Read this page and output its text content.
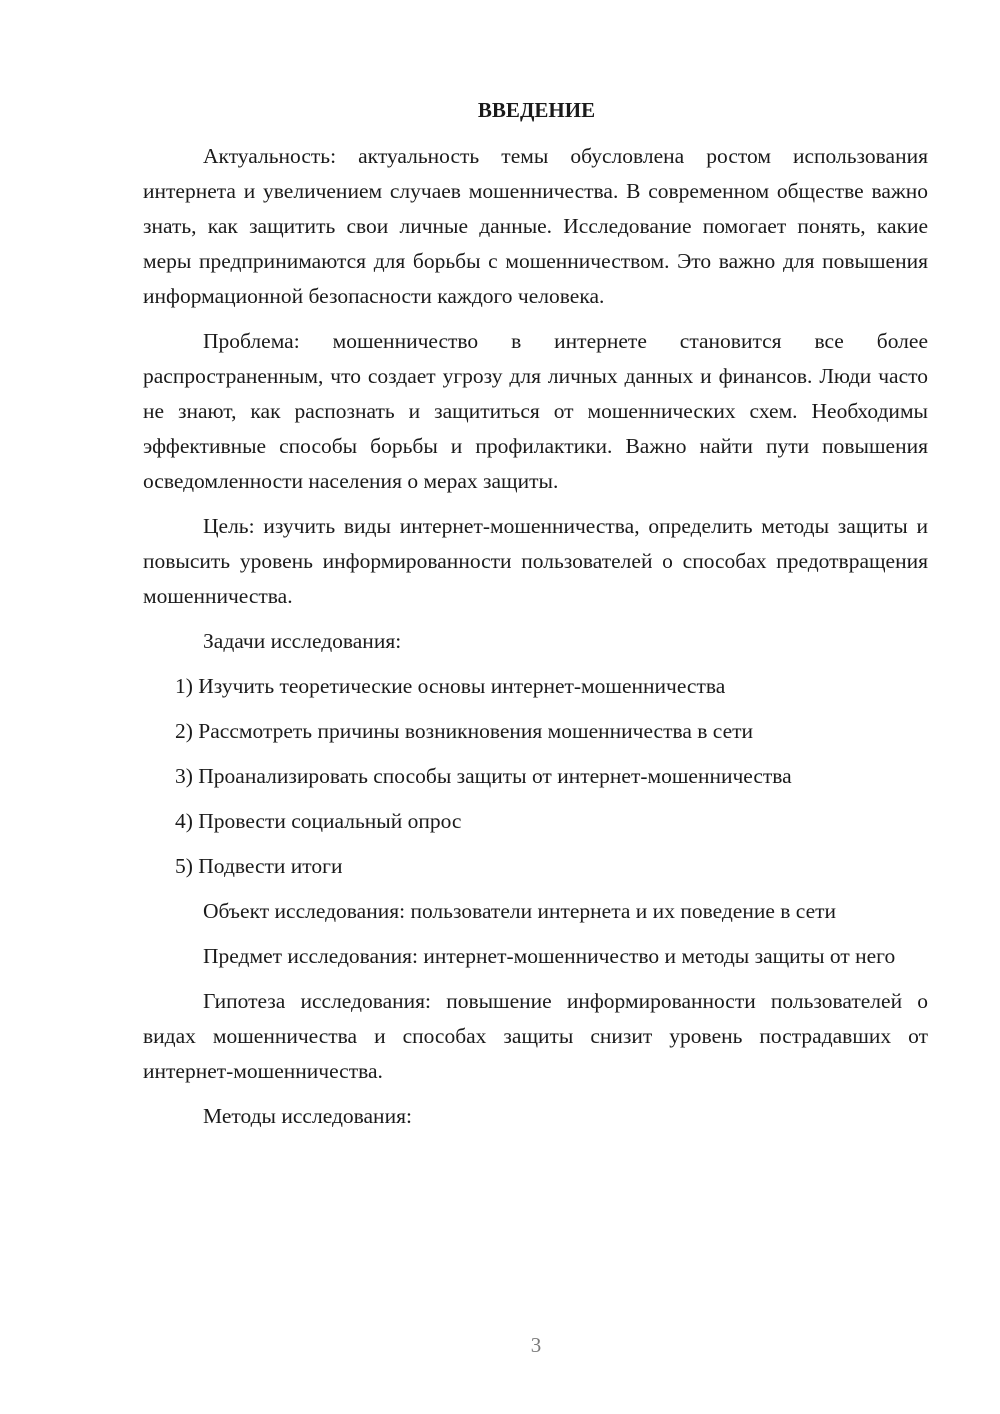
ВВЕДЕНИЕ

Актуальность: актуальность темы обусловлена ростом использования интернета и увеличением случаев мошенничества. В современном обществе важно знать, как защитить свои личные данные. Исследование помогает понять, какие меры предпринимаются для борьбы с мошенничеством. Это важно для повышения информационной безопасности каждого человека.

Проблема: мошенничество в интернете становится все более распространенным, что создает угрозу для личных данных и финансов. Люди часто не знают, как распознать и защититься от мошеннических схем. Необходимы эффективные способы борьбы и профилактики. Важно найти пути повышения осведомленности населения о мерах защиты.

Цель: изучить виды интернет-мошенничества, определить методы защиты и повысить уровень информированности пользователей о способах предотвращения мошенничества.

Задачи исследования:

1) Изучить теоретические основы интернет-мошенничества
2) Рассмотреть причины возникновения мошенничества в сети
3) Проанализировать способы защиты от интернет-мошенничества
4) Провести социальный опрос
5) Подвести итоги

Объект исследования: пользователи интернета и их поведение в сети

Предмет исследования: интернет-мошенничество и методы защиты от него

Гипотеза исследования: повышение информированности пользователей о видах мошенничества и способах защиты снизит уровень пострадавших от интернет-мошенничества.

Методы исследования:

3
